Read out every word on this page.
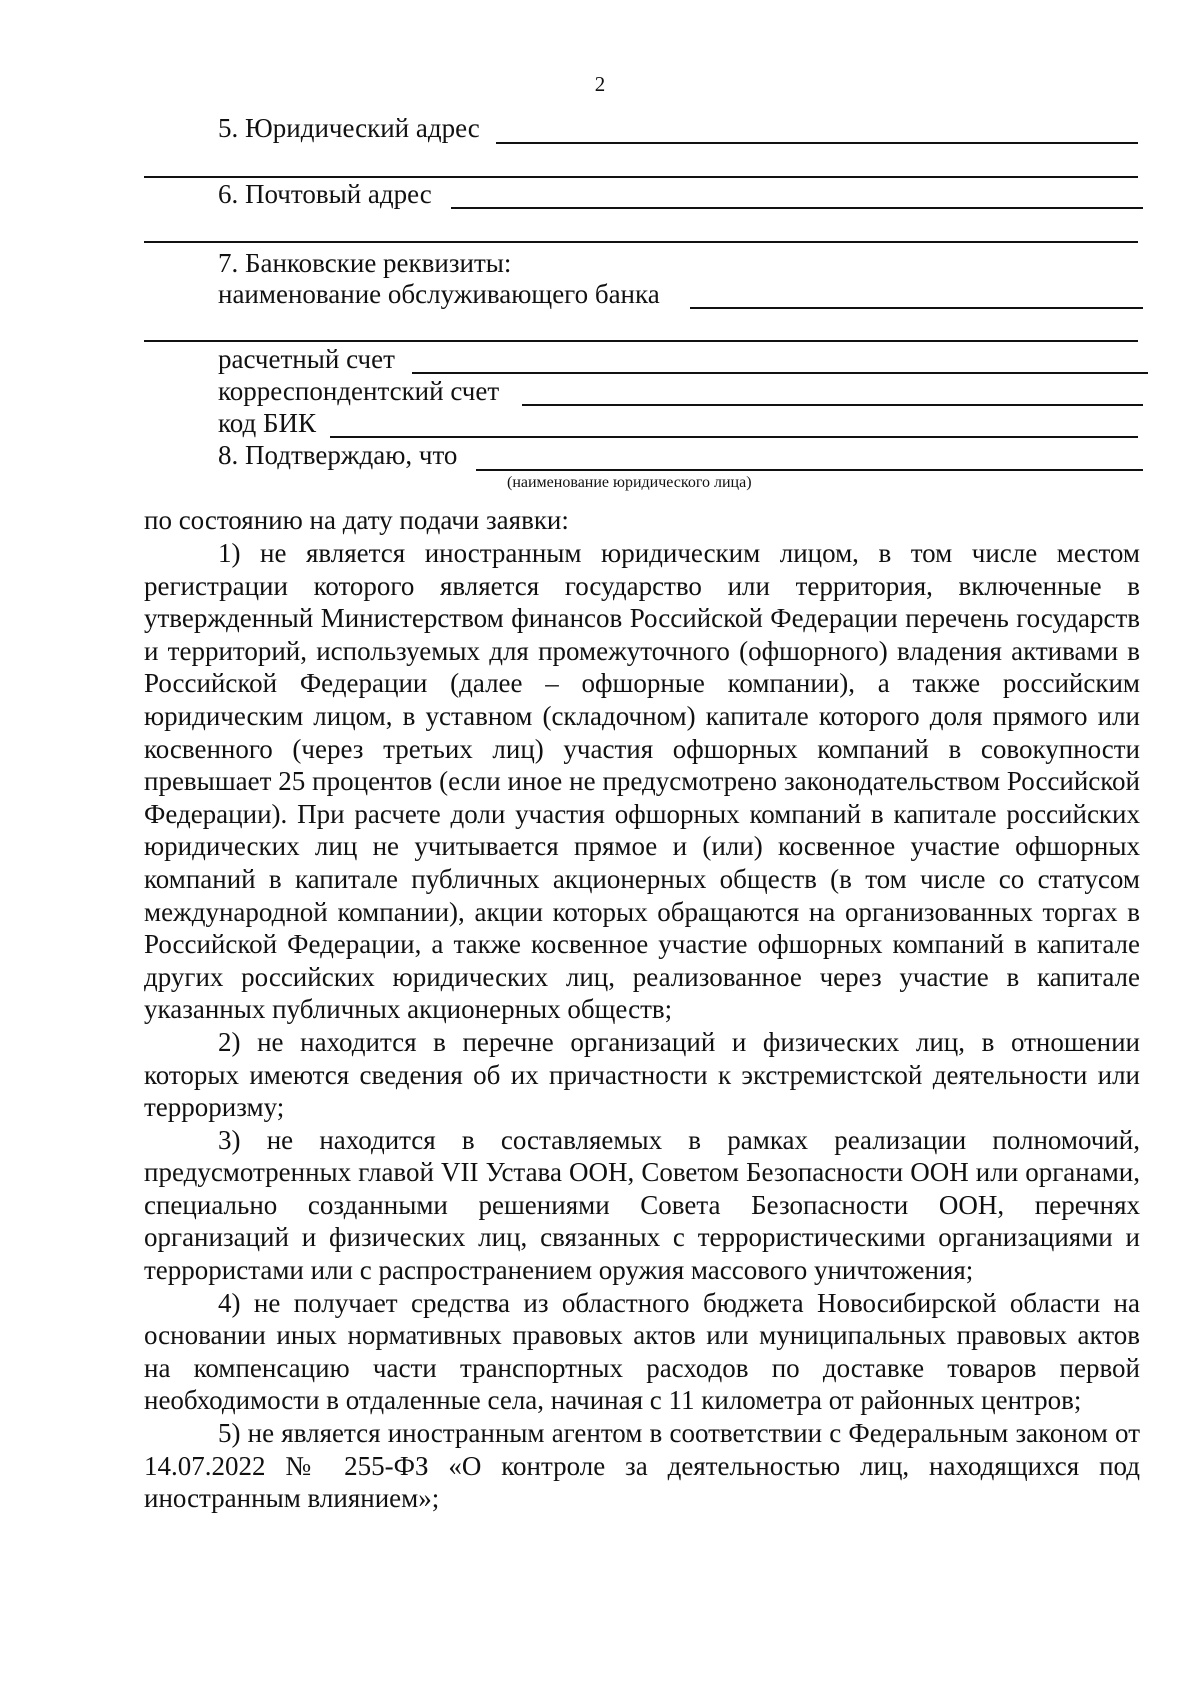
2
5. Юридический адрес
6. Почтовый адрес
7. Банковские реквизиты:
наименование обслуживающего банка
расчетный счет
корреспондентский счет
код БИК
8. Подтверждаю, что
(наименование юридического лица)
по состоянию на дату подачи заявки:

1) не является иностранным юридическим лицом, в том числе местом регистрации которого является государство или территория, включенные в утвержденный Министерством финансов Российской Федерации перечень государств и территорий, используемых для промежуточного (офшорного) владения активами в Российской Федерации (далее – офшорные компании), а также российским юридическим лицом, в уставном (складочном) капитале которого доля прямого или косвенного (через третьих лиц) участия офшорных компаний в совокупности превышает 25 процентов (если иное не предусмотрено законодательством Российской Федерации). При расчете доли участия офшорных компаний в капитале российских юридических лиц не учитывается прямое и (или) косвенное участие офшорных компаний в капитале публичных акционерных обществ (в том числе со статусом международной компании), акции которых обращаются на организованных торгах в Российской Федерации, а также косвенное участие офшорных компаний в капитале других российских юридических лиц, реализованное через участие в капитале указанных публичных акционерных обществ;

2) не находится в перечне организаций и физических лиц, в отношении которых имеются сведения об их причастности к экстремистской деятельности или терроризму;

3) не находится в составляемых в рамках реализации полномочий, предусмотренных главой VII Устава ООН, Советом Безопасности ООН или органами, специально созданными решениями Совета Безопасности ООН, перечнях организаций и физических лиц, связанных с террористическими организациями и террористами или с распространением оружия массового уничтожения;

4) не получает средства из областного бюджета Новосибирской области на основании иных нормативных правовых актов или муниципальных правовых актов на компенсацию части транспортных расходов по доставке товаров первой необходимости в отдаленные села, начиная с 11 километра от районных центров;

5) не является иностранным агентом в соответствии с Федеральным законом от 14.07.2022 № 255-ФЗ «О контроле за деятельностью лиц, находящихся под иностранным влиянием»;
